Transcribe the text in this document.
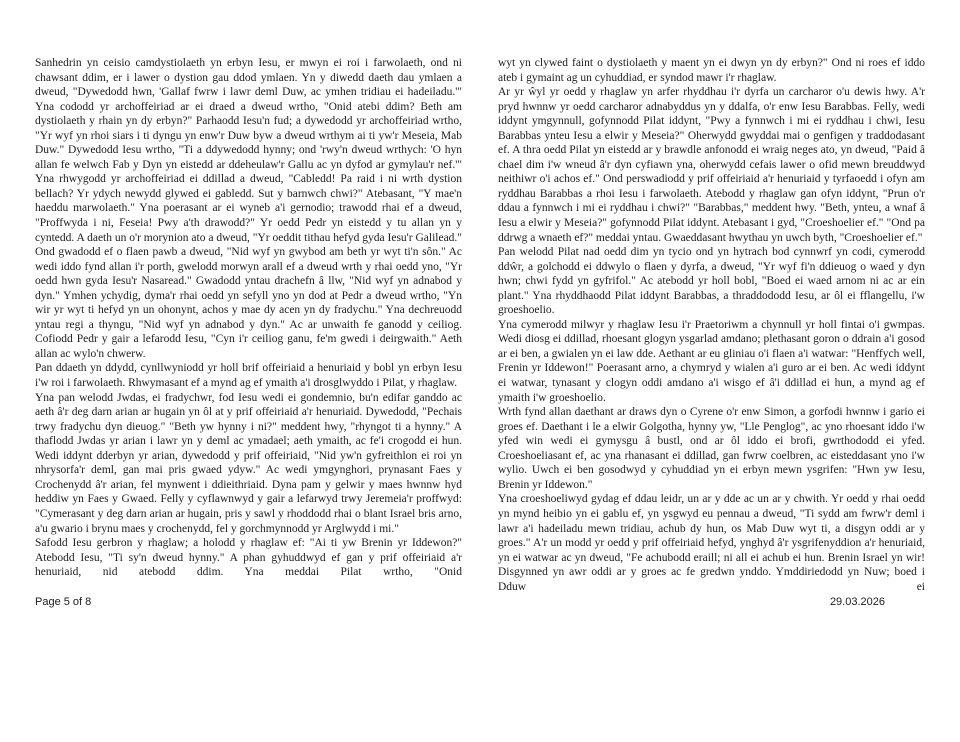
Sanhedrin yn ceisio camdystiolaeth yn erbyn Iesu, er mwyn ei roi i farwolaeth, ond ni chawsant ddim, er i lawer o dystion gau ddod ymlaen. Yn y diwedd daeth dau ymlaen a dweud, "Dywedodd hwn, 'Gallaf fwrw i lawr deml Duw, ac ymhen tridiau ei hadeiladu.'" Yna cododd yr archoffeiriad ar ei draed a dweud wrtho, "Onid atebi ddim? Beth am dystiolaeth y rhain yn dy erbyn?" Parhaodd Iesu'n fud; a dywedodd yr archoffeiriad wrtho, "Yr wyf yn rhoi siars i ti dyngu yn enw'r Duw byw a dweud wrthym ai ti yw'r Meseia, Mab Duw." Dywedodd Iesu wrtho, "Ti a ddywedodd hynny; ond 'rwy'n dweud wrthych: 'O hyn allan fe welwch Fab y Dyn yn eistedd ar ddeheulaw'r Gallu ac yn dyfod ar gymylau'r nef.'" Yna rhwygodd yr archoffeiriad ei ddillad a dweud, "Cabledd! Pa raid i ni wrth dystion bellach? Yr ydych newydd glywed ei gabledd. Sut y barnwch chwi?" Atebasant, "Y mae'n haeddu marwolaeth." Yna poerasant ar ei wyneb a'i gernodio; trawodd rhai ef a dweud, "Proffwyda i ni, Feseia! Pwy a'th drawodd?" Yr oedd Pedr yn eistedd y tu allan yn y cyntedd. A daeth un o'r morynion ato a dweud, "Yr oeddit tithau hefyd gyda Iesu'r Galilead." Ond gwadodd ef o flaen pawb a dweud, "Nid wyf yn gwybod am beth yr wyt ti'n sôn." Ac wedi iddo fynd allan i'r porth, gwelodd morwyn arall ef a dweud wrth y rhai oedd yno, "Yr oedd hwn gyda Iesu'r Nasaread." Gwadodd yntau drachefn â llw, "Nid wyf yn adnabod y dyn." Ymhen ychydig, dyma'r rhai oedd yn sefyll yno yn dod at Pedr a dweud wrtho, "Yn wir yr wyt ti hefyd yn un ohonynt, achos y mae dy acen yn dy fradychu." Yna dechreuodd yntau regi a thyngu, "Nid wyf yn adnabod y dyn." Ac ar unwaith fe ganodd y ceiliog. Cofiodd Pedr y gair a lefarodd Iesu, "Cyn i'r ceiliog ganu, fe'm gwedi i deirgwaith." Aeth allan ac wylo'n chwerw.

Pan ddaeth yn ddydd, cynllwyniodd yr holl brif offeiriaid a henuriaid y bobl yn erbyn Iesu i'w roi i farwolaeth. Rhwymasant ef a mynd ag ef ymaith a'i drosglwyddo i Pilat, y rhaglaw.

Yna pan welodd Jwdas, ei fradychwr, fod Iesu wedi ei gondemnio, bu'n edifar ganddo ac aeth â'r deg darn arian ar hugain yn ôl at y prif offeiriaid a'r henuriaid. Dywedodd, "Pechais trwy fradychu dyn dieuog." "Beth yw hynny i ni?" meddent hwy, "rhyngot ti a hynny." A thaflodd Jwdas yr arian i lawr yn y deml ac ymadael; aeth ymaith, ac fe'i crogodd ei hun. Wedi iddynt dderbyn yr arian, dywedodd y prif offeiriaid, "Nid yw'n gyfreithlon ei roi yn nhrysorfa'r deml, gan mai pris gwaed ydyw." Ac wedi ymgynghori, prynasant Faes y Crochenydd â'r arian, fel mynwent i ddieithriaid. Dyna pam y gelwir y maes hwnnw hyd heddiw yn Faes y Gwaed. Felly y cyflawnwyd y gair a lefarwyd trwy Jeremeia'r proffwyd: "Cymerasant y deg darn arian ar hugain, pris y sawl y rhoddodd rhai o blant Israel bris arno, a'u gwario i brynu maes y crochenydd, fel y gorchmynnodd yr Arglwydd i mi."

Safodd Iesu gerbron y rhaglaw; a holodd y rhaglaw ef: "Ai ti yw Brenin yr Iddewon?" Atebodd Iesu, "Ti sy'n dweud hynny." A phan gyhuddwyd ef gan y prif offeiriaid a'r henuriaid, nid atebodd ddim. Yna meddai Pilat wrtho, "Onid

wyt yn clywed faint o dystiolaeth y maent yn ei dwyn yn dy erbyn?" Ond ni roes ef iddo ateb i gymaint ag un cyhuddiad, er syndod mawr i'r rhaglaw.

Ar yr ŵyl yr oedd y rhaglaw yn arfer rhyddhau i'r dyrfa un carcharor o'u dewis hwy. A'r pryd hwnnw yr oedd carcharor adnabyddus yn y ddalfa, o'r enw Iesu Barabbas. Felly, wedi iddynt ymgynnull, gofynnodd Pilat iddynt, "Pwy a fynnwch i mi ei ryddhau i chwi, Iesu Barabbas ynteu Iesu a elwir y Meseia?" Oherwydd gwyddai mai o genfigen y traddodasant ef. A thra oedd Pilat yn eistedd ar y brawdle anfonodd ei wraig neges ato, yn dweud, "Paid â chael dim i'w wneud â'r dyn cyfiawn yna, oherwydd cefais lawer o ofid mewn breuddwyd neithiwr o'i achos ef." Ond perswadiodd y prif offeiriaid a'r henuriaid y tyrfaoedd i ofyn am ryddhau Barabbas a rhoi Iesu i farwolaeth. Atebodd y rhaglaw gan ofyn iddynt, "Prun o'r ddau a fynnwch i mi ei ryddhau i chwi?" "Barabbas," meddent hwy. "Beth, ynteu, a wnaf â Iesu a elwir y Meseia?" gofynnodd Pilat iddynt. Atebasant i gyd, "Croeshoelier ef." "Ond pa ddrwg a wnaeth ef?" meddai yntau. Gwaeddasant hwythau yn uwch byth, "Croeshoelier ef."

Pan welodd Pilat nad oedd dim yn tycio ond yn hytrach bod cynnwrf yn codi, cymerodd ddŵr, a golchodd ei ddwylo o flaen y dyrfa, a dweud, "Yr wyf fi'n ddieuog o waed y dyn hwn; chwi fydd yn gyfrifol." Ac atebodd yr holl bobl, "Boed ei waed arnom ni ac ar ein plant." Yna rhyddhaodd Pilat iddynt Barabbas, a thraddododd Iesu, ar ôl ei fflangellu, i'w groeshoelio.

Yna cymerodd milwyr y rhaglaw Iesu i'r Praetoriwm a chynnull yr holl fintai o'i gwmpas. Wedi diosg ei ddillad, rhoesant glogyn ysgarlad amdano; plethasant goron o ddrain a'i gosod ar ei ben, a gwialen yn ei law dde. Aethant ar eu gliniau o'i flaen a'i watwar: "Henffych well, Frenin yr Iddewon!" Poerasant arno, a chymryd y wialen a'i guro ar ei ben. Ac wedi iddynt ei watwar, tynasant y clogyn oddi amdano a'i wisgo ef â'i ddillad ei hun, a mynd ag ef ymaith i'w groeshoelio.

Wrth fynd allan daethant ar draws dyn o Cyrene o'r enw Simon, a gorfodi hwnnw i gario ei groes ef. Daethant i le a elwir Golgotha, hynny yw, "Lle Penglog", ac yno rhoesant iddo i'w yfed win wedi ei gymysgu â bustl, ond ar ôl iddo ei brofi, gwrthododd ei yfed. Croeshoeliasant ef, ac yna rhanasant ei ddillad, gan fwrw coelbren, ac eisteddasant yno i'w wylio. Uwch ei ben gosodwyd y cyhuddiad yn ei erbyn mewn ysgrifen: "Hwn yw Iesu, Brenin yr Iddewon."

Yna croeshoeliwyd gydag ef ddau leidr, un ar y dde ac un ar y chwith. Yr oedd y rhai oedd yn mynd heibio yn ei gablu ef, yn ysgwyd eu pennau a dweud, "Ti sydd am fwrw'r deml i lawr a'i hadeiladu mewn tridiau, achub dy hun, os Mab Duw wyt ti, a disgyn oddi ar y groes." A'r un modd yr oedd y prif offeiriaid hefyd, ynghyd â'r ysgrifenyddion a'r henuriaid, yn ei watwar ac yn dweud, "Fe achubodd eraill; ni all ei achub ei hun. Brenin Israel yn wir! Disgynned yn awr oddi ar y groes ac fe gredwn ynddo. Ymddiriedodd yn Nuw; boed i Dduw ei

Page 5 of 8	29.03.2026
